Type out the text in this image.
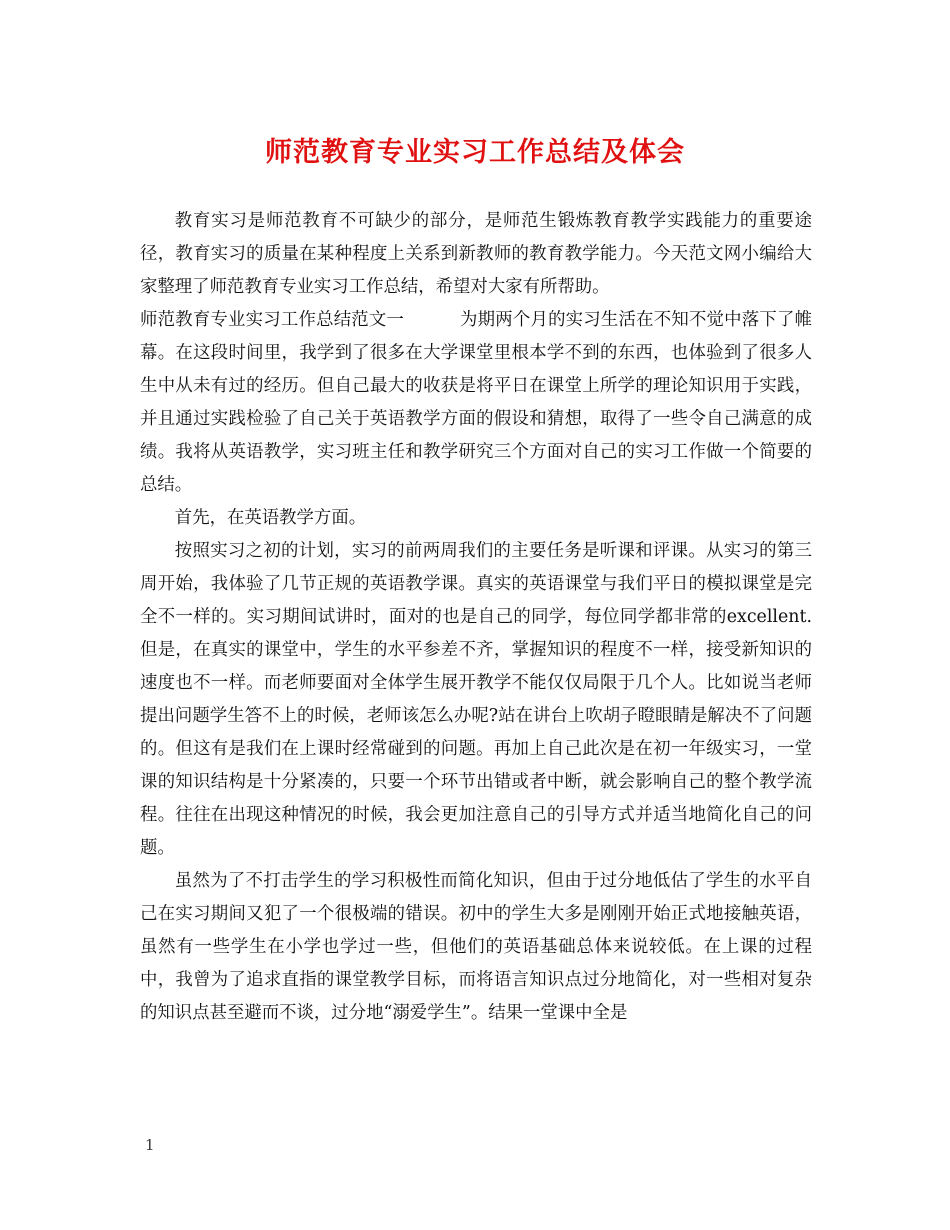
师范教育专业实习工作总结及体会

教育实习是师范教育不可缺少的部分，是师范生锻炼教育教学实践能力的重要途径，教育实习的质量在某种程度上关系到新教师的教育教学能力。今天范文网小编给大家整理了师范教育专业实习工作总结，希望对大家有所帮助。

师范教育专业实习工作总结范文一	为期两个月的实习生活在不知不觉中落下了帷幕。在这段时间里，我学到了很多在大学课堂里根本学不到的东西，也体验到了很多人生中从未有过的经历。但自己最大的收获是将平日在课堂上所学的理论知识用于实践，并且通过实践检验了自己关于英语教学方面的假设和猜想，取得了一些令自己满意的成绩。我将从英语教学，实习班主任和教学研究三个方面对自己的实习工作做一个简要的总结。

首先，在英语教学方面。

按照实习之初的计划，实习的前两周我们的主要任务是听课和评课。从实习的第三周开始，我体验了几节正规的英语教学课。真实的英语课堂与我们平日的模拟课堂是完全不一样的。实习期间试讲时，面对的也是自己的同学，每位同学都非常的excellent.但是，在真实的课堂中，学生的水平参差不齐，掌握知识的程度不一样，接受新知识的速度也不一样。而老师要面对全体学生展开教学不能仅仅局限于几个人。比如说当老师提出问题学生答不上的时候，老师该怎么办呢?站在讲台上吹胡子瞪眼睛是解决不了问题的。但这有是我们在上课时经常碰到的问题。再加上自己此次是在初一年级实习，一堂课的知识结构是十分紧凑的，只要一个环节出错或者中断，就会影响自己的整个教学流程。往往在出现这种情况的时候，我会更加注意自己的引导方式并适当地简化自己的问题。

虽然为了不打击学生的学习积极性而简化知识，但由于过分地低估了学生的水平自己在实习期间又犯了一个很极端的错误。初中的学生大多是刚刚开始正式地接触英语，虽然有一些学生在小学也学过一些，但他们的英语基础总体来说较低。在上课的过程中，我曾为了追求直指的课堂教学目标，而将语言知识点过分地简化，对一些相对复杂的知识点甚至避而不谈，过分地“溺爱学生”。结果一堂课中全是

1
